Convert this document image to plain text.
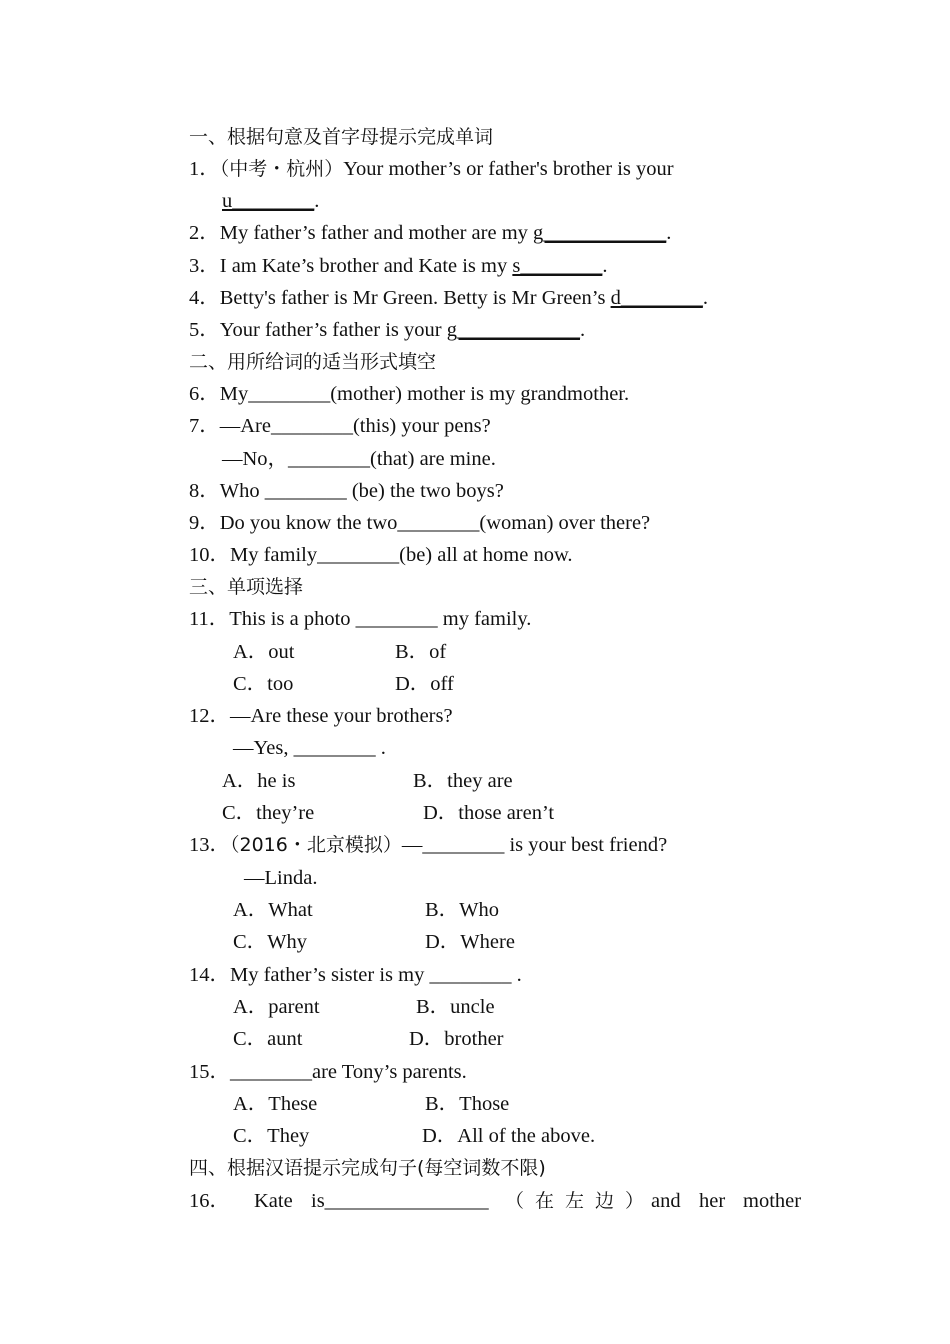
一、根据句意及首字母提示完成单词
1．（中考・杭州）Your mother’s or father's brother is your
u________.
2．My father’s father and mother are my g____________.
3．I am Kate’s brother and Kate is my s________.
4．Betty's father is Mr Green. Betty is Mr Green’s d________.
5．Your father’s father is your g____________.
二、用所给词的适当形式填空
6．My________(mother) mother is my grandmother.
7．—Are________(this) your pens?
—No，________(that) are mine.
8．Who ________ (be) the two boys?
9．Do you know the two________(woman) over there?
10．My family________(be) all at home now.
三、单项选择
11．This is a photo ________ my family.
A．out	B．of
C．too	D．off
12．—Are these your brothers?
—Yes, ________ .
A．he is	B．they are
C．they’re	D．those aren’t
13．（2016・北京模拟）—________ is your best friend?
—Linda.
A．What	B．Who
C．Why	D．Where
14．My father’s sister is my ________ .
A．parent	B．uncle
C．aunt	D．brother
15．________are Tony’s parents.
A．These	B．Those
C．They	D．All of the above.
四、根据汉语提示完成句子(每空词数不限)
16． Kate is________________ （在左边）
and her mother
